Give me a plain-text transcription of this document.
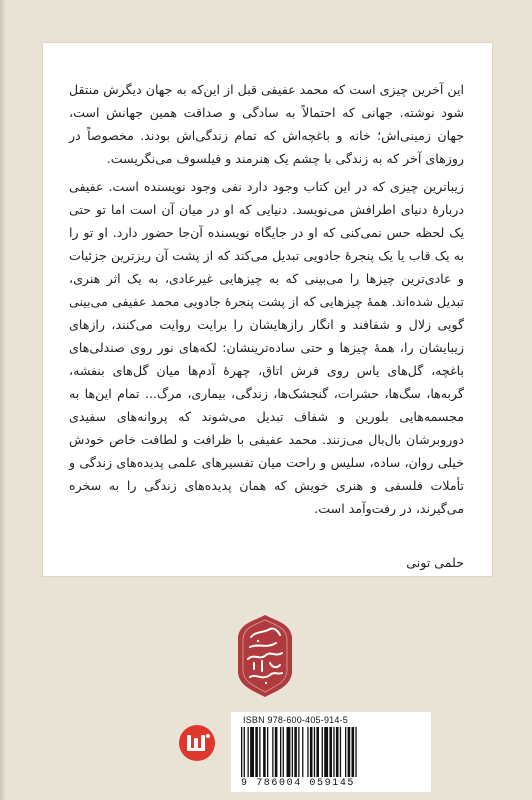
این آخرین چیزی است که محمد عفیفی قبل از این‌که به جهان دیگرش منتقل شود نوشته. جهانی که احتمالاً به سادگی و صداقت همین جهانش است، جهان زمینی‌اش؛ خانه و باغچه‌اش که تمام زندگی‌اش بودند. مخصوصاً در روزهای آخر که به زندگی با چشم یک هنرمند و فیلسوف می‌نگریست.

زیباترین چیزی که در این کتاب وجود دارد نفی وجود نویسنده است. عفیفی دربارهٔ دنیای اطرافش می‌نویسد. دنیایی که او در میان آن است اما تو حتی یک لحظه حس نمی‌کنی که او در جایگاه نویسنده آن‌جا حضور دارد. او تو را به یک قاب یا یک پنجرهٔ جادویی تبدیل می‌کند که از پشت آن ریزترین جزئیات و عادی‌ترین چیزها را می‌بینی که به چیزهایی غیرعادی، به یک اثر هنری، تبدیل شده‌اند. همهٔ چیزهایی که از پشت پنجرهٔ جادویی محمد عفیفی می‌بینی گویی زلال و شفافند و انگار رازهایشان را برایت روایت می‌کنند، رازهای زیبایشان را، همهٔ چیزها و حتی ساده‌ترینشان: لکه‌های نور روی صندلی‌های باغچه، گل‌های یاس روی فرش اتاق، چهرهٔ آدم‌ها میان گل‌های بنفشه، گربه‌ها، سگ‌ها، حشرات، گنجشک‌ها، زندگی، بیماری، مرگ... تمام این‌ها به مجسمه‌هایی بلورین و شفاف تبدیل می‌شوند که پروانه‌های سفیدی دوروبرشان بال‌بال می‌زنند. محمد عفیفی با ظرافت و لطافت خاص خودش خیلی روان، ساده، سلیس و راحت میان تفسیرهای علمی پدیده‌های زندگی و تأملات فلسفی و هنری خویش که همان پدیده‌های زندگی را به سخره می‌گیرند، در رفت‌وآمد است.

حلمی تونی
ISBN 978-600-405-914-5
9 786004 059145
